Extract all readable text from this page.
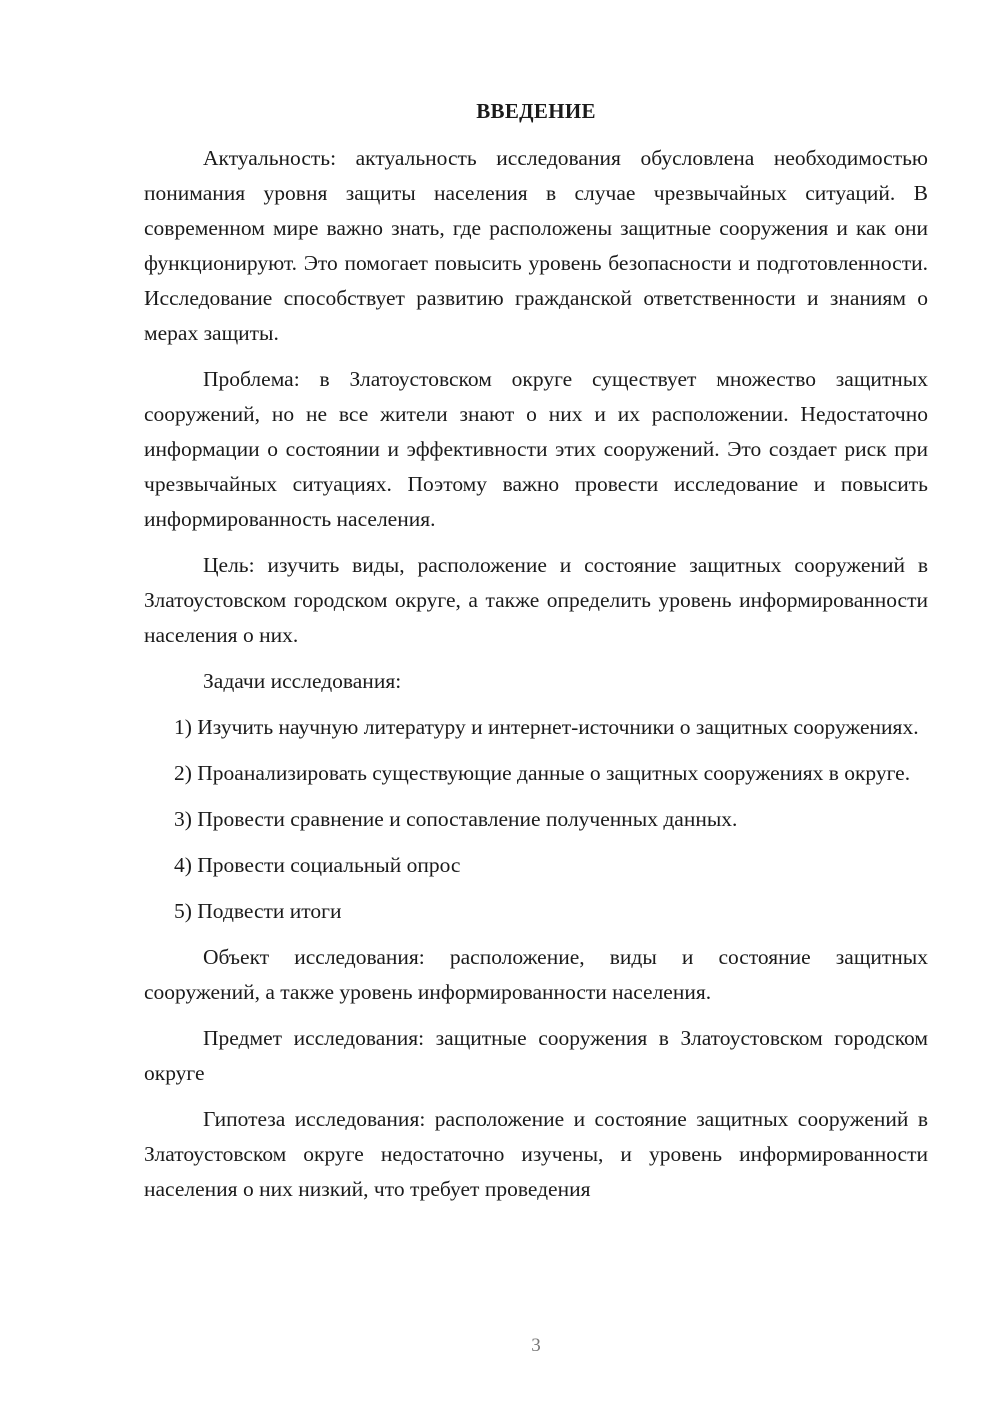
ВВЕДЕНИЕ

Актуальность: актуальность исследования обусловлена необходимостью понимания уровня защиты населения в случае чрезвычайных ситуаций. В современном мире важно знать, где расположены защитные сооружения и как они функционируют. Это помогает повысить уровень безопасности и подготовленности. Исследование способствует развитию гражданской ответственности и знаниям о мерах защиты.

Проблема: в Златоустовском округе существует множество защитных сооружений, но не все жители знают о них и их расположении. Недостаточно информации о состоянии и эффективности этих сооружений. Это создает риск при чрезвычайных ситуациях. Поэтому важно провести исследование и повысить информированность населения.

Цель: изучить виды, расположение и состояние защитных сооружений в Златоустовском городском округе, а также определить уровень информированности населения о них.

Задачи исследования:

1) Изучить научную литературу и интернет-источники о защитных сооружениях.

2) Проанализировать существующие данные о защитных сооружениях в округе.

3) Провести сравнение и сопоставление полученных данных.

4) Провести социальный опрос

5) Подвести итоги

Объект исследования: расположение, виды и состояние защитных сооружений, а также уровень информированности населения.

Предмет исследования: защитные сооружения в Златоустовском городском округе

Гипотеза исследования: расположение и состояние защитных сооружений в Златоустовском округе недостаточно изучены, и уровень информированности населения о них низкий, что требует проведения

3
